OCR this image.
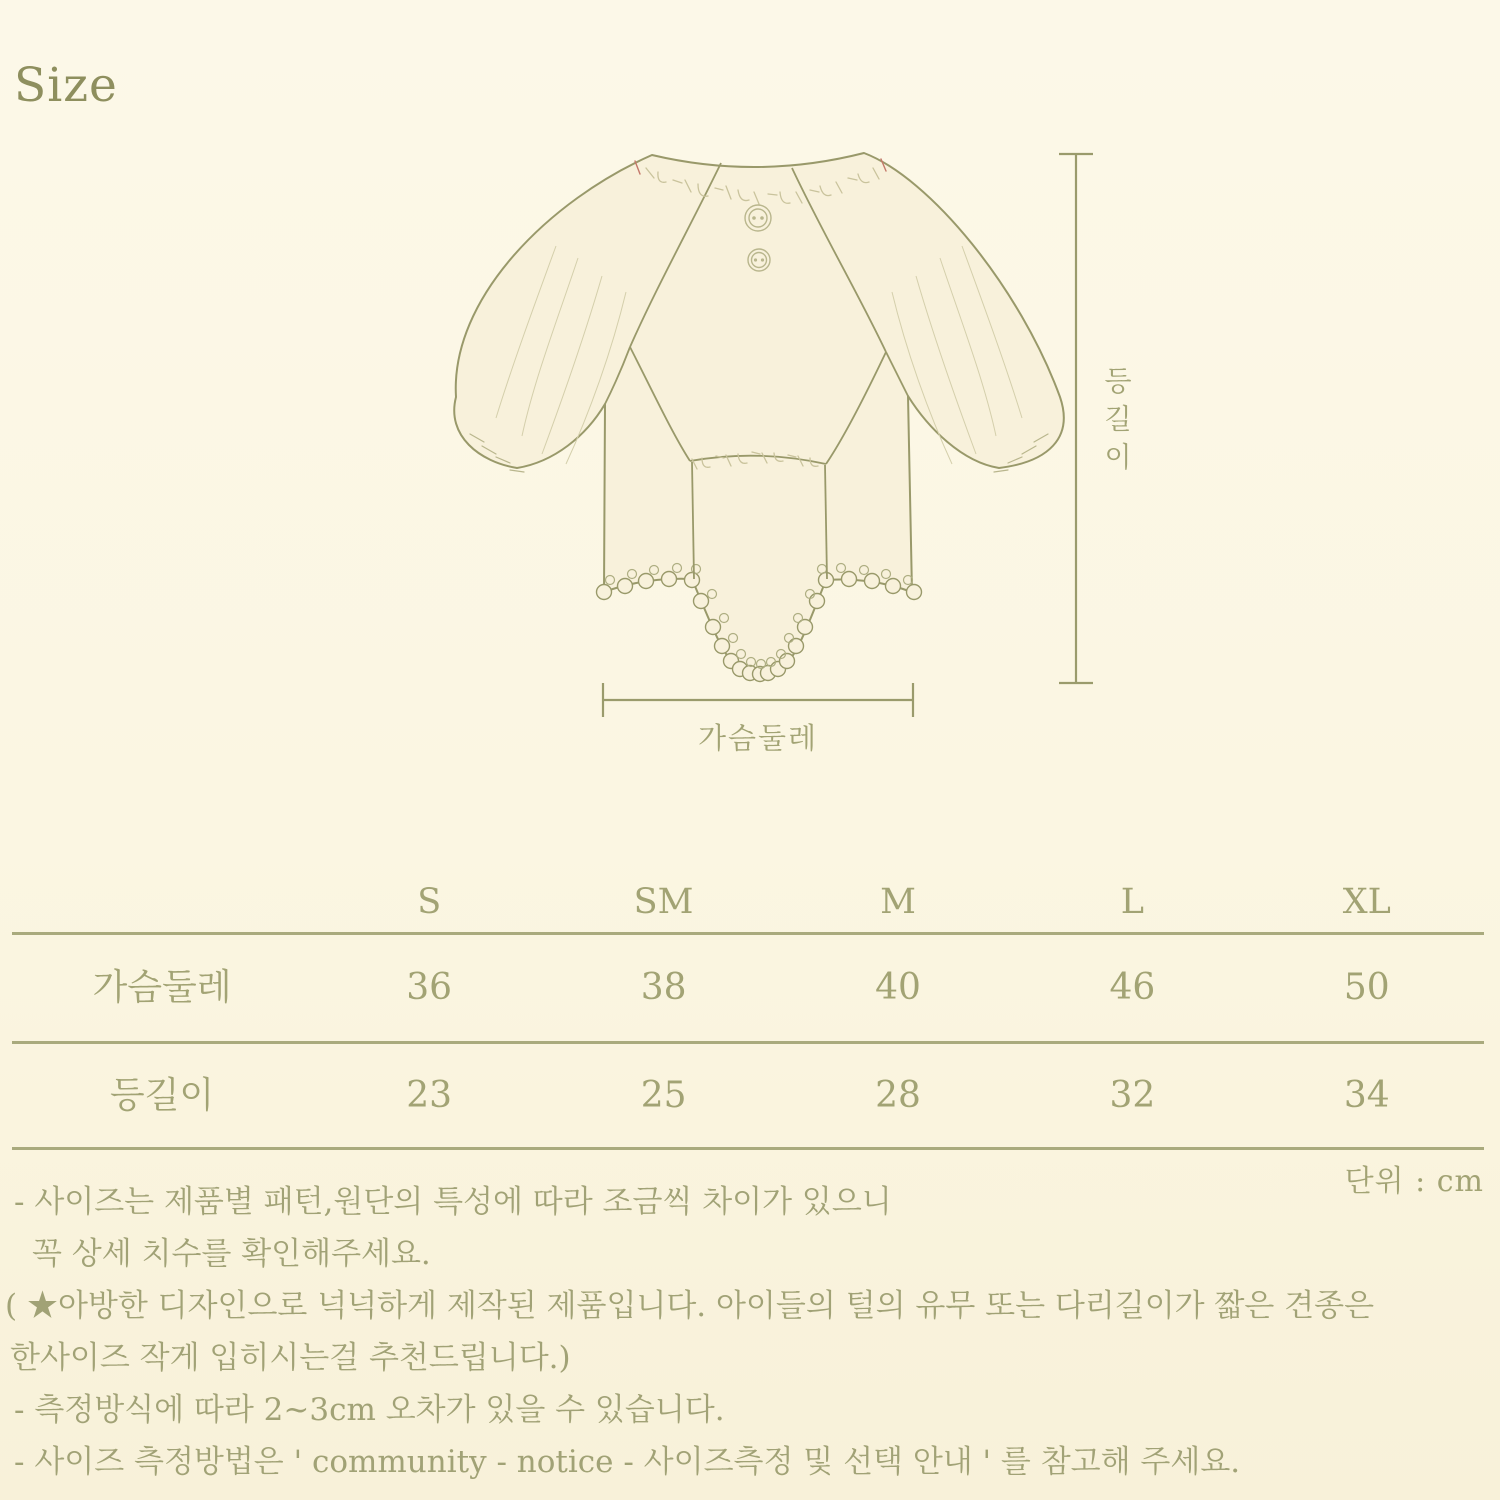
Size
등길이
가슴둘레
S	SM	M	L	XL
가슴둘레	36	38	40	46	50
등길이	23	25	28	32	34
단위 : cm
- 사이즈는 제품별 패턴,원단의 특성에 따라 조금씩 차이가 있으니
꼭 상세 치수를 확인해주세요.
( ★아방한 디자인으로 넉넉하게 제작된 제품입니다. 아이들의 털의 유무 또는 다리길이가 짧은 견종은
한사이즈 작게 입히시는걸 추천드립니다.)
- 측정방식에 따라 2~3cm 오차가 있을 수 있습니다.
- 사이즈 측정방법은 ' community - notice - 사이즈측정 및 선택 안내 ' 를 참고해 주세요.
